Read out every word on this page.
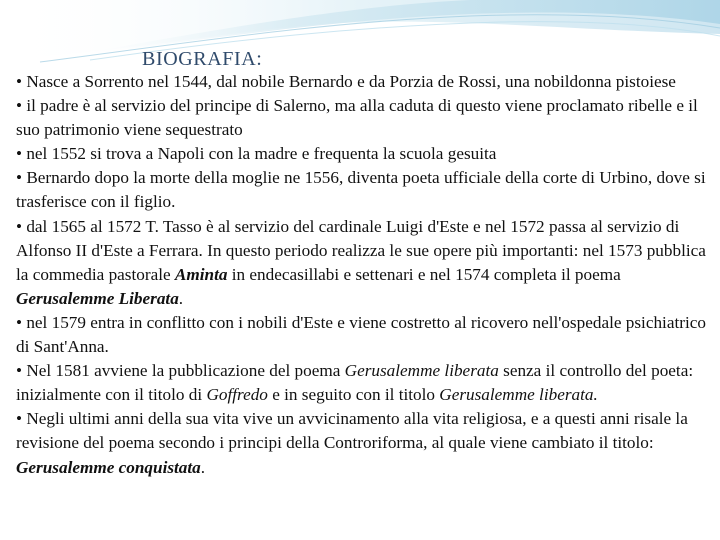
BIOGRAFIA:

• Nasce a Sorrento nel 1544, dal nobile Bernardo e da Porzia de Rossi, una nobildonna pistoiese

• il padre è al servizio del principe di Salerno, ma alla caduta di questo viene proclamato ribelle e il suo patrimonio viene sequestrato

• nel 1552 si trova a Napoli con la madre e frequenta la scuola gesuita

• Bernardo dopo la morte della moglie ne 1556, diventa poeta ufficiale della corte di Urbino, dove si trasferisce con il figlio.

• dal 1565 al 1572 T. Tasso è al servizio del cardinale Luigi d'Este e nel 1572 passa al servizio di Alfonso II d'Este a Ferrara. In questo periodo realizza le sue opere più importanti: nel 1573 pubblica la commedia pastorale Aminta in endecasillabi e settenari e nel 1574 completa il poema Gerusalemme Liberata.

• nel 1579 entra in conflitto con i nobili d'Este e viene costretto al ricovero nell'ospedale psichiatrico di Sant'Anna.

• Nel 1581 avviene la pubblicazione del poema Gerusalemme liberata senza il controllo del poeta: inizialmente con il titolo di Goffredo e in seguito con il titolo Gerusalemme liberata.

• Negli ultimi anni della sua vita vive un avvicinamento alla vita religiosa, e a questi anni risale la revisione del poema secondo i principi della Controriforma, al quale viene cambiato il titolo: Gerusalemme conquistata.
